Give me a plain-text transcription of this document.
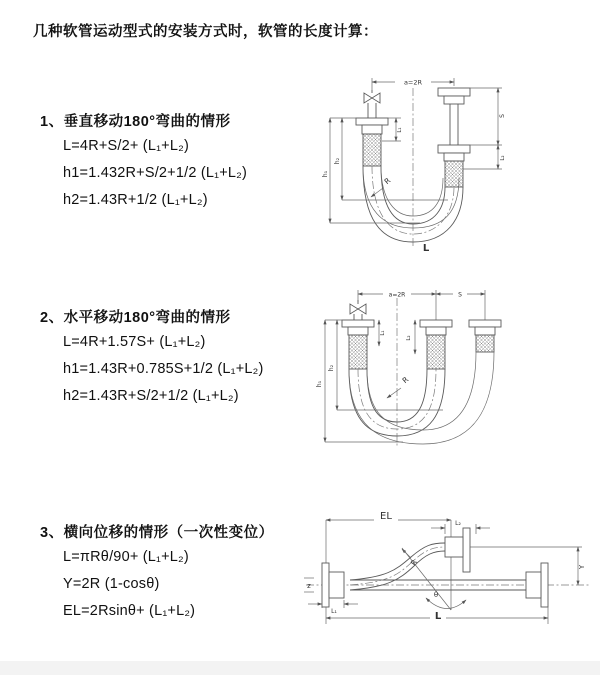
几种软管运动型式的安装方式时，软管的长度计算：
1、垂直移动180°弯曲的情形
L=4R+S/2+ (L₁+L₂)
h1=1.432R+S/2+1/2 (L₁+L₂)
h2=1.43R+1/2 (L₁+L₂)
2、水平移动180°弯曲的情形
L=4R+1.57S+ (L₁+L₂)
h1=1.43R+0.785S+1/2 (L₁+L₂)
h2=1.43R+S/2+1/2 (L₁+L₂)
3、横向位移的情形（一次性变位）
L=πRθ/90+ (L₁+L₂)
Y=2R (1-cosθ)
EL=2Rsinθ+ (L₁+L₂)
a=2R
h₁
h₂
L₁
S
L₂
R
L
a=2R	S
h₁
h₂
L₁
L₂
R
EL
L₂
Y
L
L₁
z
R
θ
